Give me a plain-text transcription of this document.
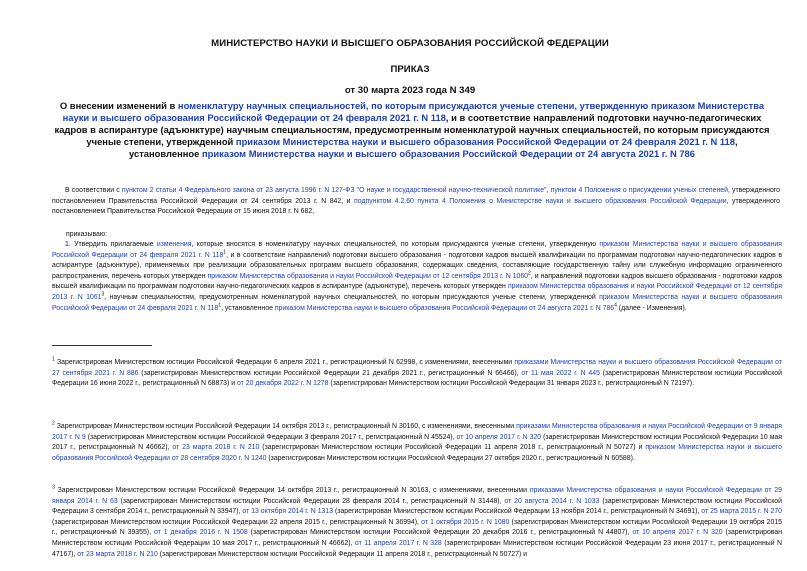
МИНИСТЕРСТВО НАУКИ И ВЫСШЕГО ОБРАЗОВАНИЯ РОССИЙСКОЙ ФЕДЕРАЦИИ
ПРИКАЗ
от 30 марта 2023 года N 349
О внесении изменений в номенклатуру научных специальностей, по которым присуждаются ученые степени, утвержденную приказом Министерства науки и высшего образования Российской Федерации от 24 февраля 2021 г. N 118, и в соответствие направлений подготовки научно-педагогических кадров в аспирантуре (адъюнктуре) научным специальностям, предусмотренным номенклатурой научных специальностей, по которым присуждаются ученые степени, утвержденной приказом Министерства науки и высшего образования Российской Федерации от 24 февраля 2021 г. N 118, установленное приказом Министерства науки и высшего образования Российской Федерации от 24 августа 2021 г. N 786
В соответствии с пунктом 2 статьи 4 Федерального закона от 23 августа 1996 г. N 127-ФЗ "О науке и государственной научно-технической политике", пунктом 4 Положения о присуждении ученых степеней, утвержденного постановлением Правительства Российской Федерации от 24 сентября 2013 г. N 842, и подпунктом 4.2.60 пункта 4 Положения о Министерстве науки и высшего образования Российской Федерации, утвержденного постановлением Правительства Российской Федерации от 15 июня 2018 г. N 682,
приказываю:
1. Утвердить прилагаемые изменения, которые вносятся в номенклатуру научных специальностей, по которым присуждаются ученые степени, утвержденную приказом Министерства науки и высшего образования Российской Федерации от 24 февраля 2021 г. N $118^1$, и в соответствие направлений подготовки высшего образования - подготовки кадров высшей квалификации по программам подготовки научно-педагогических кадров в аспирантуре (адъюнктуре), применяемых при реализации образовательных программ высшего образования, содержащих сведения, составляющие государственную тайну или служебную информацию ограниченного распространения, перечень которых утвержден приказом Министерства образования и науки Российской Федерации от 12 сентября 2013 г. N 1060$^2$, и направлений подготовки кадров высшего образования - подготовки кадров высшей квалификации по программам подготовки научно-педагогических кадров в аспирантуре (адъюнктуре), перечень которых утвержден приказом Министерства образования и науки Российской Федерации от 12 сентября 2013 г. N 1061$^3$, научным специальностям, предусмотренным номенклатурой научных специальностей, по которым присуждаются ученые степени, утвержденной приказом Министерства науки и высшего образования Российской Федерации от 24 февраля 2021 г. N $118^1$, установленное приказом Министерства науки и высшего образования Российской Федерации от 24 августа 2021 г. N $786^4$ (далее - Изменения).
$^1$ Зарегистрирован Министерством юстиции Российской Федерации 6 апреля 2021 г., регистрационный N 62998, с изменениями, внесенными приказами Министерства науки и высшего образования Российской Федерации от 27 сентября 2021 г. N 886 (зарегистрирован Министерством юстиции Российской Федерации 21 декабря 2021 г., регистрационный N 66466), от 11 мая 2022 г. N 445 (зарегистрирован Министерством юстиции Российской Федерации 16 июня 2022 г., регистрационный N 68873) и от 20 декабря 2022 г. N 1278 (зарегистрирован Министерством юстиции Российской Федерации 31 января 2023 г., регистрационный N 72197).
$^2$ Зарегистрирован Министерством юстиции Российской Федерации 14 октября 2013 г., регистрационный N 30160, с изменениями, внесенными приказами Министерства образования и науки Российской Федерации от 9 января 2017 г. N 9 (зарегистрирован Министерством юстиции Российской Федерации 3 февраля 2017 г., регистрационный N 45524), от 10 апреля 2017 г. N 320 (зарегистрирован Министерством юстиции Российской Федерации 10 мая 2017 г., регистрационный N 46662), от 23 марта 2018 г. N 210 (зарегистрирован Министерством юстиции Российской Федерации 11 апреля 2018 г., регистрационный N 50727) и приказом Министерства науки и высшего образования Российской Федерации от 28 сентября 2020 г. N 1240 (зарегистрирован Министерством юстиции Российской Федерации 27 октября 2020 г., регистрационный N 60588).
$^3$ Зарегистрирован Министерством юстиции Российской Федерации 14 октября 2013 г., регистрационный N 30163, с изменениями, внесенными приказами Министерства образования и науки Российской Федерации от 29 января 2014 г. N 63 (зарегистрирован Министерством юстиции Российской Федерации 28 февраля 2014 г., регистрационный N 31448), от 20 августа 2014 г. N 1033 (зарегистрирован Министерством юстиции Российской Федерации 3 сентября 2014 г., регистрационный N 33947), от 13 октября 2014 г. N 1313 (зарегистрирован Министерством юстиции Российской Федерации 13 ноября 2014 г., регистрационный N 34691), от 25 марта 2015 г. N 270 (зарегистрирован Министерством юстиции Российской Федерации 22 апреля 2015 г., регистрационный N 36994), от 1 октября 2015 г. N 1080 (зарегистрирован Министерством юстиции Российской Федерации 19 октября 2015 г., регистрационный N 39355), от 1 декабря 2016 г. N 1508 (зарегистрирован Министерством юстиции Российской Федерации 20 декабря 2016 г., регистрационный N 44807), от 10 апреля 2017 г. N 320 (зарегистрирован Министерством юстиции Российской Федерации 10 мая 2017 г., регистрационный N 46662), от 11 апреля 2017 г. N 328 (зарегистрирован Министерством юстиции Российской Федерации 23 июня 2017 г., регистрационный N 47167), от 23 марта 2018 г. N 210 (зарегистрирован Министерством юстиции Российской Федерации 11 апреля 2018 г., регистрационный N 50727) и
